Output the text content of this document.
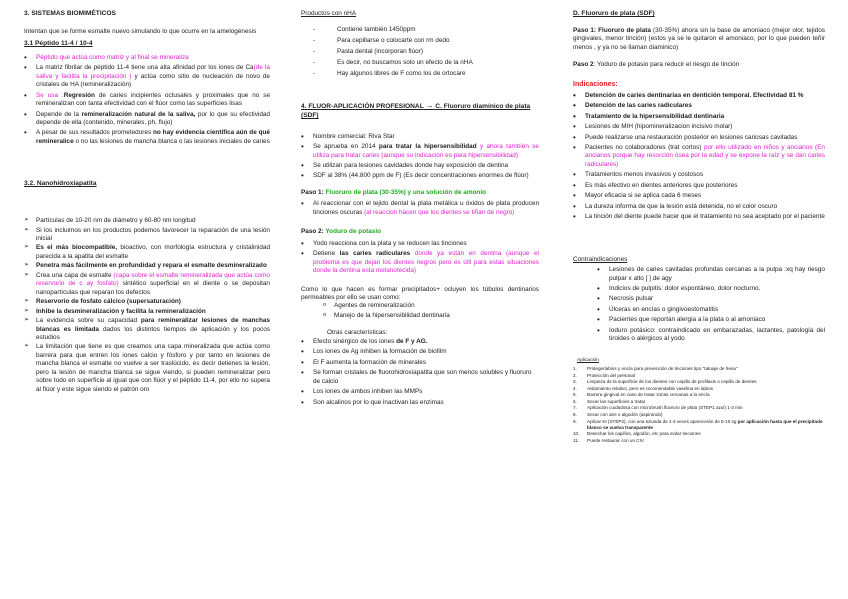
3. SISTEMAS BIOMIMÉTICOS

Intentan que se forme esmalte nuevo simulando lo que ocurre en la amelogénesis

3.1 Péptido 11-4 / 10-4

• Péptido que actúa como matriz y al final se mineraliza
• La matriz fibrilar de péptido 11-4 tiene una alta afinidad por los iones de Ca(de la saliva y facilita la precipitación ) y actúa como sitio de nucleación de novo de cristales de HA (remineralización)
• Se usa :Regresión de caries incipientes octusales y proximales que no se remineralizan con tanta efectividad con el flúor como las superficies lisas
• Depende de la remineralización natural de la saliva, por lo que su efectividad depende de ella (contenido, minerales, ph, flujo)
• A pesar de sus resultados prometedores no hay evidencia científica aún de qué remineralice o no las lesiones de mancha blanca o las lesiones iniciales de caries

3.2. Nanohidroxiapatita

➢ Partículas de 10-20 nm de diámetro y 60-80 nm longitud
➢ Si los incluimos en los productos podemos favorecer la reparación de una lesión inicial
➢ Es el más biocompatible, bioactivo, con morfología estructura y cristalinidad parecida a la apatita del esmalte
➢ Penetra más fácilmente en profundidad y repara el esmalte desmineralizado
➢ Crea una capa de esmalte (capa sobre el esmalte remineralizada que actúa como reservorio de c ay fosfato) sintético superficial en el diente o se depositan nanopartículas que reparan los defectos
➢ Reservorio de fosfato cálcico (supersaturación)
➢ Inhibe la desmineralización y facilita la remineralización
➢ La evidencia sobre su capacidad para remineralizar lesiones de manchas blancas es limitada dados los distintos tiempos de aplicación y los pocos estudios
➢ La limitación que tiene es que creamos una capa mineralizada que actúa como barrera para que entren los iones calcio y fósforo y por tanto en lesiones de mancha blanca el esmalte no vuelve a ser traslúcido, es decir detienes la lesión, pero la lesión de mancha blanca se sigue viendo, si pueden remineralizar pero sobre todo en superficie al igual que con flúor y el péptido 11-4, por ello no supera al flúor y este sigue siendo el patrón oro

Productos con nHA

- Contiene también 1450ppm
- Para cepillarse o colocarte con rm dedo
- Pasta dental (incorporan flúor)
- Es decir, no buscamos solo un efecto de la nHA
- Hay algunos libres de F como los de ortocare

4. FLUOR-APLICACIÓN PROFESIONAL → C. Fluoruro diamínico de plata (SDF)

• Nombre comercial: Riva Star
• Se aprueba en 2014 para tratar la hipersensibilidad y ahora también se utiliza para tratar caries (aunque su indicación es para hipersensibilidad)
• Se utilizan para lesiones cavidades donde hay exposición de dentina
• SDF al 38% (44.800 ppm de F) (Es decir concentraciones enormes de flúor)

Paso 1: Fluoruro de plata (30-35%) y una solución de amonio

• Al reaccionar con el tejido dental la plata metálica u óxidos de plata producen tinciones oscuras (al reaccion hacen que los dientes se tiñan de negro)

Paso 2: Yoduro de potasio

• Yodo reacciona con la plata y se reducen las tinciones
• Detiene las caries radiculares donde ya están en dentina (aunque el problema es que dejan los dientes negros pero es útil para estas situaciones donde la dentina esta melanotecida)

Como lo que hacen es formar precipitados+ ocluyen los túbulos dentinarios permeables por ello se usan como:

o Agentes de remineralización
o Manejo de la hipersensibilidad dentinaria

Otras características:

• Efecto sinérgico de los iones de F y AG.
• Los iones de Ag inhiben la formación de biofilm
• El F aumenta la formación de minerales
• Se forman cristales de fluorohidroxiapatita que son menos solubles y fluoruro de calcio
• Los iones de ambos inhiben las MMPs
• Son alcalinos por lo que inactivan las enzimas

D. Fluoruro de plata (SDF)

Paso 1: Fluoruro de plata (30-35%) ahora sin la base de amoniaco (mejor olor, tejidos gingivales, menor tinción) (estos ya se le quitaron el amoniaco, por lo que pueden teñir menos , y ya no se llaman diaminico)

Paso 2: Yoduro de potasio para reducir el riesgo de tinción

Indicaciones:

• Detención de caries dentinarias en dentición temporal. Efectividad 81 %
• Detención de las caries radiculares
• Tratamiento de la hipersensibilidad dentinaria
• Lesiones de MIH (hipomineralizacion incisivo molar)
• Puede realizarse una restauración posterior en lesiones cariosas cavitadas
• Pacientes no colaboradores (trat cortos) por ello utilizado en niños y ancianos (En ancianos porque hay resorción ósea por la edad y se expone la raíz y se dan caries radiculares)
• Tratamientos menos invasivos y costosos
• Es más efectivo en dientes anteriores que posteriores
• Mayor eficacia si se aplica cada 6 meses
• La dureza informa de que la lesión está detenida, no el color oscuro
• La tinción del diente puede hacer que el tratamiento no sea aceptado por el paciente

Contraindicaciones

• Lesiones de caries cavitadas profundas cercanas a la pulpa :xq hay riesgo pulpar x alto [ ] de agy
• Indicios de pulpitis: dolor espontáneo, dolor nocturno.
• Necrosis pulsar
• Úlceras en encías o gingivoestomatitis
• Pacientes que reportan alergia a la plata o al amoniaco
• Ioduro potásico: contraindicado en embarazadas, lactantes, patología del tiroides o alérgicos al yodo

Aplicación

1. Protegerlabios y encía para prevención de tinciones tipo "tatuaje de hena"
2. Protección del personal
3. Limpieza de la superficie de los dientes con cepillo de profilaxis o cepillo de dientes
4. Aislamiento relativo, pero es recomendable vaselina en labios
5. Barrera gingival en caso de tratar zonas cercanas a la encía
6. Secar las superficies a tratar
7. Aplicación cuidadosa con microbrush fluoruro de plata (STEP1 azul) 1-3 min
8. Secar con aire o algodón (aspirando)
9. Aplicar KI (STEP2), con una torunda de 1-3 veces aparecerán de 5-10 sg por aplicación hasta que el precipitado blanco se vuelva transparente
10. Desechar los capilíos, algodón, etc para evitar tinciones
11. Puede restaurar con un CIV
